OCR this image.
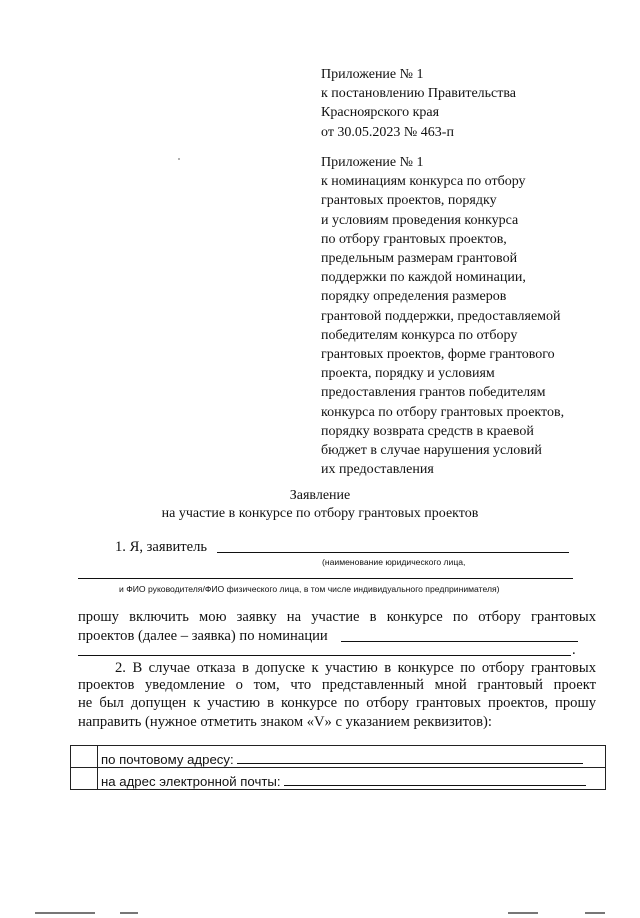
Приложение № 1
к постановлению Правительства
Красноярского края
от 30.05.2023 № 463-п
Приложение № 1
к номинациям конкурса по отбору
грантовых проектов, порядку
и условиям проведения конкурса
по отбору грантовых проектов,
предельным размерам грантовой
поддержки по каждой номинации,
порядку определения размеров
грантовой поддержки, предоставляемой
победителям конкурса по отбору
грантовых проектов, форме грантового
проекта, порядку и условиям
предоставления грантов победителям
конкурса по отбору грантовых проектов,
порядку возврата средств в краевой
бюджет в случае нарушения условий
их предоставления
Заявление
на участие в конкурсе по отбору грантовых проектов
1. Я, заявитель
(наименование юридического лица,
и ФИО руководителя/ФИО физического лица, в том числе индивидуального предпринимателя)
прошу включить мою заявку на участие в конкурсе по отбору грантовых
проектов (далее – заявка) по номинации
.
2. В случае отказа в допуске к участию в конкурсе по отбору грантовых
проектов уведомление о том, что представленный мной грантовый проект
не был допущен к участию в конкурсе по отбору грантовых проектов, прошу
направить (нужное отметить знаком «V» с указанием реквизитов):
	по почтовому адресу:
	на адрес электронной почты:
